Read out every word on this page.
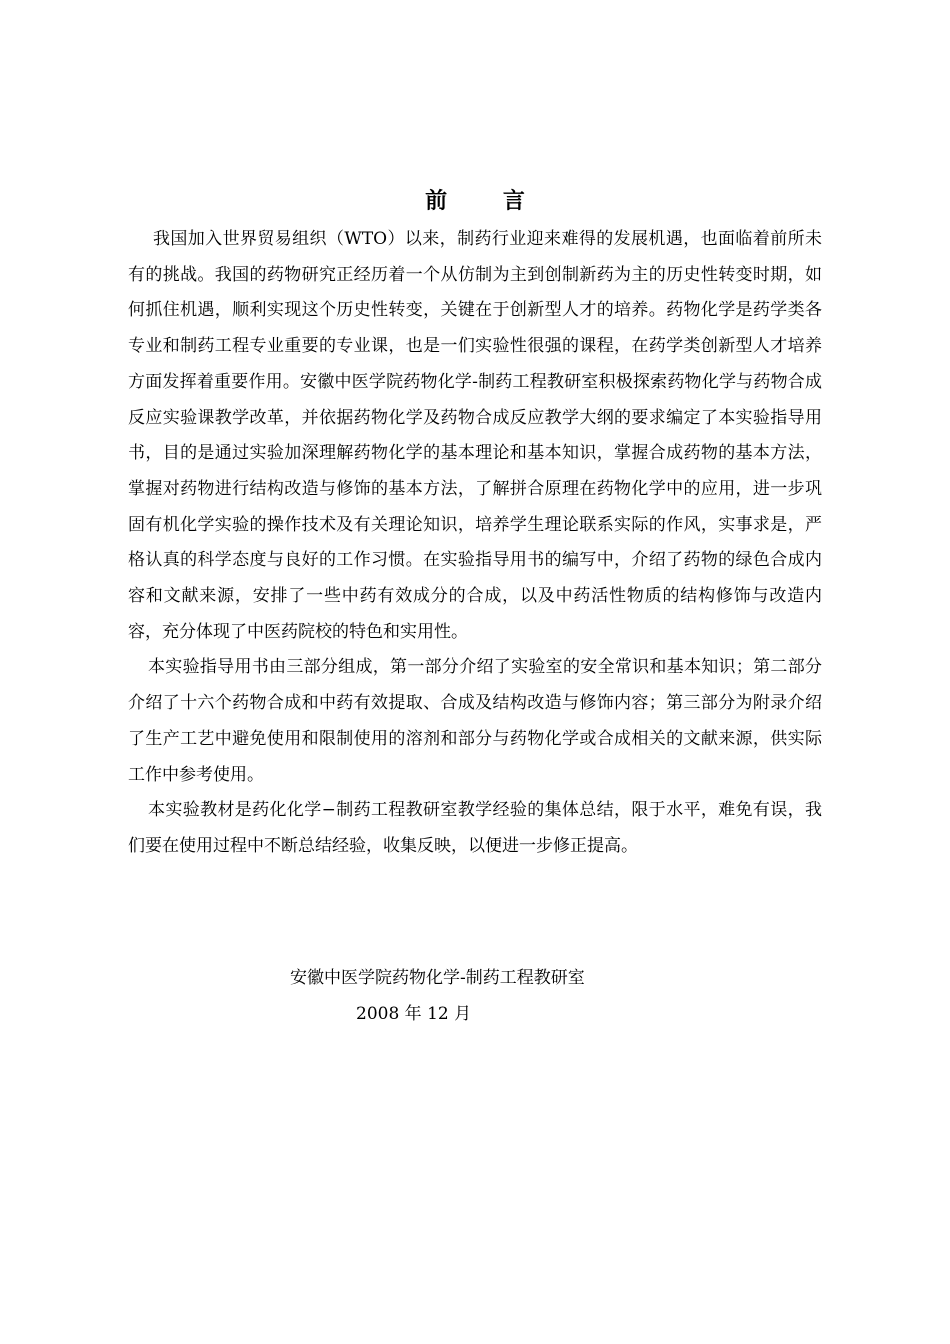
前 言

我国加入世界贸易组织（WTO）以来，制药行业迎来难得的发展机遇，也面临着前所未有的挑战。我国的药物研究正经历着一个从仿制为主到创制新药为主的历史性转变时期，如何抓住机遇，顺利实现这个历史性转变，关键在于创新型人才的培养。药物化学是药学类各专业和制药工程专业重要的专业课，也是一们实验性很强的课程，在药学类创新型人才培养方面发挥着重要作用。安徽中医学院药物化学-制药工程教研室积极探索药物化学与药物合成反应实验课教学改革，并依据药物化学及药物合成反应教学大纲的要求编定了本实验指导用书，目的是通过实验加深理解药物化学的基本理论和基本知识，掌握合成药物的基本方法，掌握对药物进行结构改造与修饰的基本方法，了解拼合原理在药物化学中的应用，进一步巩固有机化学实验的操作技术及有关理论知识，培养学生理论联系实际的作风，实事求是，严格认真的科学态度与良好的工作习惯。在实验指导用书的编写中，介绍了药物的绿色合成内容和文献来源，安排了一些中药有效成分的合成，以及中药活性物质的结构修饰与改造内容，充分体现了中医药院校的特色和实用性。

本实验指导用书由三部分组成，第一部分介绍了实验室的安全常识和基本知识；第二部分介绍了十六个药物合成和中药有效提取、合成及结构改造与修饰内容；第三部分为附录介绍了生产工艺中避免使用和限制使用的溶剂和部分与药物化学或合成相关的文献来源，供实际工作中参考使用。

本实验教材是药化化学−制药工程教研室教学经验的集体总结，限于水平，难免有误，我们要在使用过程中不断总结经验，收集反映，以便进一步修正提高。

安徽中医学院药物化学-制药工程教研室
2008 年 12 月
